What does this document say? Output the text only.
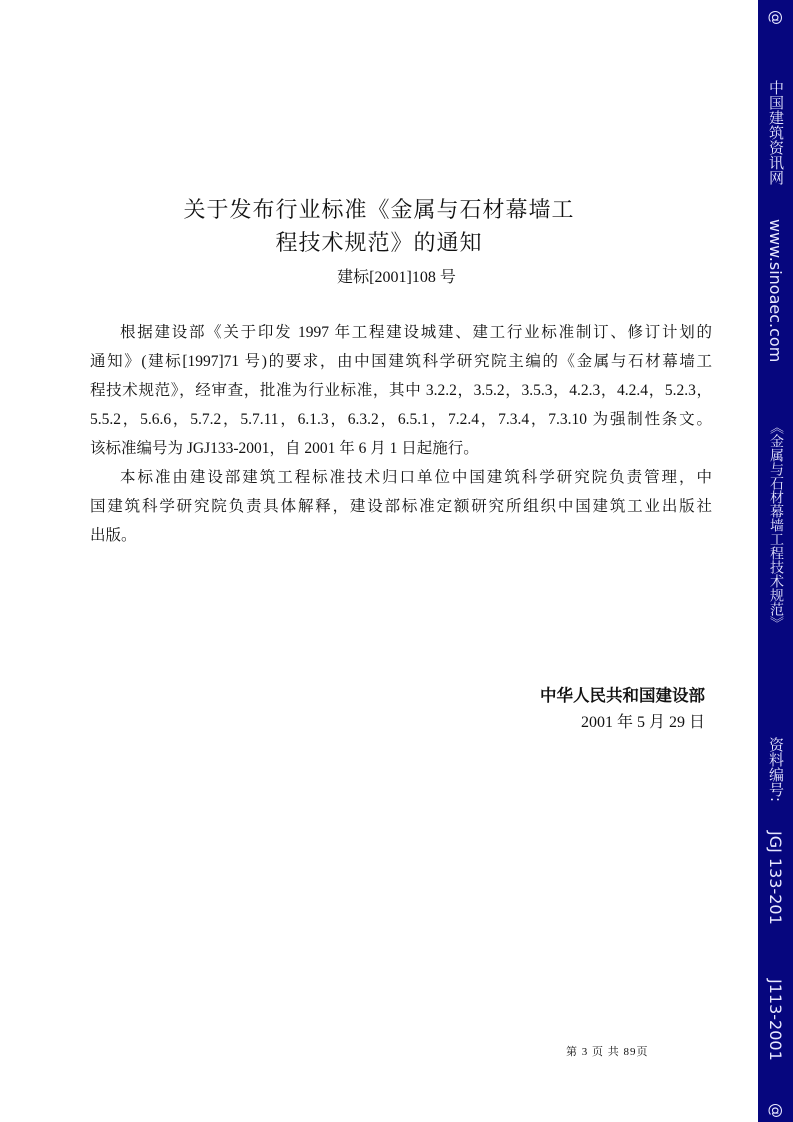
关于发布行业标准《金属与石材幕墙工
程技术规范》的通知
建标[2001]108 号
根据建设部《关于印发 1997 年工程建设城建、建工行业标准制订、修订计划的
通知》(建标[1997]71 号)的要求，由中国建筑科学研究院主编的《金属与石材幕墙工
程技术规范》，经审查，批准为行业标准，其中 3.2.2，3.5.2，3.5.3，4.2.3，4.2.4，5.2.3，
5.5.2，5.6.6，5.7.2，5.7.11，6.1.3，6.3.2，6.5.1，7.2.4，7.3.4，7.3.10 为强制性条文。
该标准编号为 JGJ133-2001，自 2001 年 6 月 1 日起施行。
本标准由建设部建筑工程标准技术归口单位中国建筑科学研究院负责管理，中
国建筑科学研究院负责具体解释，建设部标准定额研究所组织中国建筑工业出版社
出版。
中华人民共和国建设部
2001 年 5 月 29 日
第 3 页 共 89页
@
中国建筑资讯网
www.sinoaec.com
《金属与石材幕墙工程技术规范》
资料编号:
JGJ 133-201
J113-2001
@
